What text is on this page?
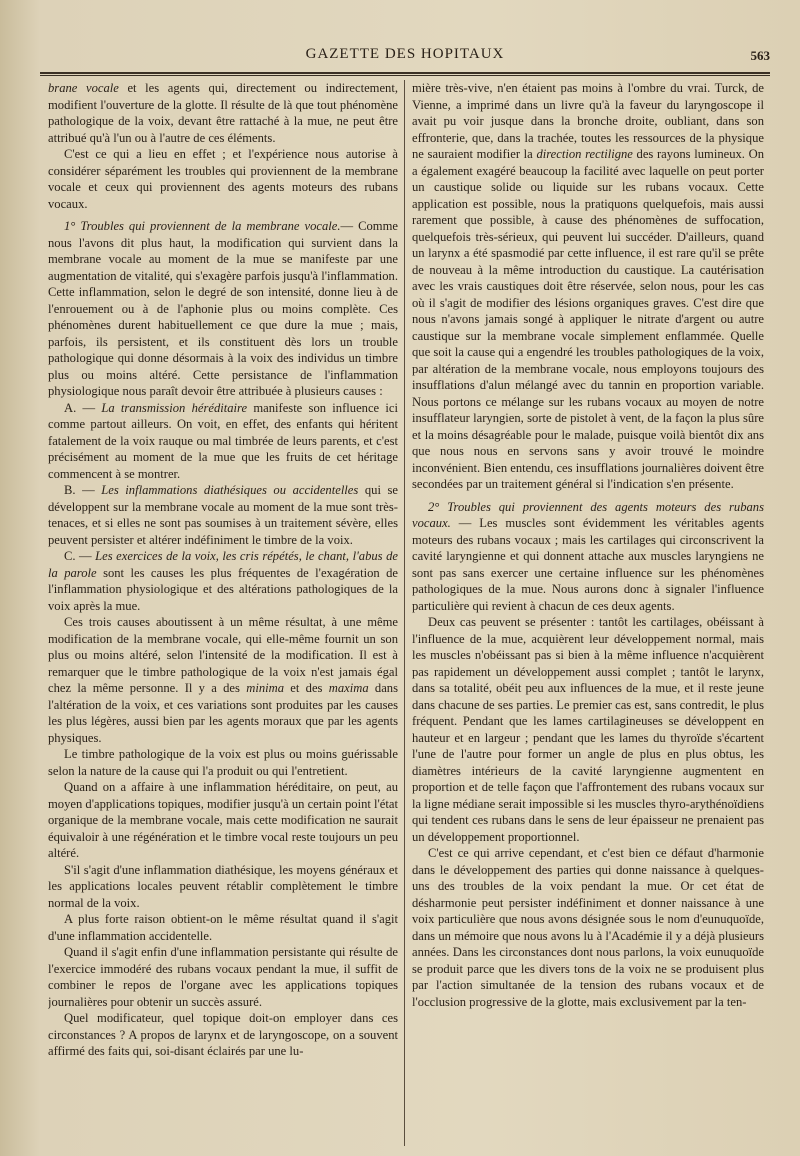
GAZETTE DES HOPITAUX	563

brane vocale et les agents qui, directement ou indirectement, modifient l'ouverture de la glotte. Il résulte de là que tout phénomène pathologique de la voix, devant être rattaché à la mue, ne peut être attribué qu'à l'un ou à l'autre de ces éléments.

C'est ce qui a lieu en effet ; et l'expérience nous autorise à considérer séparément les troubles qui proviennent de la membrane vocale et ceux qui proviennent des agents moteurs des rubans vocaux.

1° Troubles qui proviennent de la membrane vocale.— Comme nous l'avons dit plus haut, la modification qui survient dans la membrane vocale au moment de la mue se manifeste par une augmentation de vitalité, qui s'exagère parfois jusqu'à l'inflammation. Cette inflammation, selon le degré de son intensité, donne lieu à de l'enrouement ou à de l'aphonie plus ou moins complète. Ces phénomènes durent habituellement ce que dure la mue ; mais, parfois, ils persistent, et ils constituent dès lors un trouble pathologique qui donne désormais à la voix des individus un timbre plus ou moins altéré. Cette persistance de l'inflammation physiologique nous paraît devoir être attribuée à plusieurs causes :

A. — La transmission héréditaire manifeste son influence ici comme partout ailleurs. On voit, en effet, des enfants qui héritent fatalement de la voix rauque ou mal timbrée de leurs parents, et c'est précisément au moment de la mue que les fruits de cet héritage commencent à se montrer.

B. — Les inflammations diathésiques ou accidentelles qui se développent sur la membrane vocale au moment de la mue sont très-tenaces, et si elles ne sont pas soumises à un traitement sévère, elles peuvent persister et altérer indéfiniment le timbre de la voix.

C. — Les exercices de la voix, les cris répétés, le chant, l'abus de la parole sont les causes les plus fréquentes de l'exagération de l'inflammation physiologique et des altérations pathologiques de la voix après la mue.

Ces trois causes aboutissent à un même résultat, à une même modification de la membrane vocale, qui elle-même fournit un son plus ou moins altéré, selon l'intensité de la modification. Il est à remarquer que le timbre pathologique de la voix n'est jamais égal chez la même personne. Il y a des minima et des maxima dans l'altération de la voix, et ces variations sont produites par les causes les plus légères, aussi bien par les agents moraux que par les agents physiques.

Le timbre pathologique de la voix est plus ou moins guérissable selon la nature de la cause qui l'a produit ou qui l'entretient.

Quand on a affaire à une inflammation héréditaire, on peut, au moyen d'applications topiques, modifier jusqu'à un certain point l'état organique de la membrane vocale, mais cette modification ne saurait équivaloir à une régénération et le timbre vocal reste toujours un peu altéré.

S'il s'agit d'une inflammation diathésique, les moyens généraux et les applications locales peuvent rétablir complètement le timbre normal de la voix.

A plus forte raison obtient-on le même résultat quand il s'agit d'une inflammation accidentelle.

Quand il s'agit enfin d'une inflammation persistante qui résulte de l'exercice immodéré des rubans vocaux pendant la mue, il suffit de combiner le repos de l'organe avec les applications topiques journalières pour obtenir un succès assuré.

Quel modificateur, quel topique doit-on employer dans ces circonstances ? A propos de larynx et de laryngoscope, on a souvent affirmé des faits qui, soi-disant éclairés par une lu-

mière très-vive, n'en étaient pas moins à l'ombre du vrai. Turck, de Vienne, a imprimé dans un livre qu'à la faveur du laryngoscope il avait pu voir jusque dans la bronche droite, oubliant, dans son effronterie, que, dans la trachée, toutes les ressources de la physique ne sauraient modifier la direction rectiligne des rayons lumineux. On a également exagéré beaucoup la facilité avec laquelle on peut porter un caustique solide ou liquide sur les rubans vocaux. Cette application est possible, nous la pratiquons quelquefois, mais aussi rarement que possible, à cause des phénomènes de suffocation, quelquefois très-sérieux, qui peuvent lui succéder. D'ailleurs, quand un larynx a été spasmodié par cette influence, il est rare qu'il se prête de nouveau à la même introduction du caustique. La cautérisation avec les vrais caustiques doit être réservée, selon nous, pour les cas où il s'agit de modifier des lésions organiques graves. C'est dire que nous n'avons jamais songé à appliquer le nitrate d'argent ou autre caustique sur la membrane vocale simplement enflammée. Quelle que soit la cause qui a engendré les troubles pathologiques de la voix, par altération de la membrane vocale, nous employons toujours des insufflations d'alun mélangé avec du tannin en proportion variable. Nous portons ce mélange sur les rubans vocaux au moyen de notre insufflateur laryngien, sorte de pistolet à vent, de la façon la plus sûre et la moins désagréable pour le malade, puisque voilà bientôt dix ans que nous nous en servons sans y avoir trouvé le moindre inconvénient. Bien entendu, ces insufflations journalières doivent être secondées par un traitement général si l'indication s'en présente.

2° Troubles qui proviennent des agents moteurs des rubans vocaux. — Les muscles sont évidemment les véritables agents moteurs des rubans vocaux ; mais les cartilages qui circonscrivent la cavité laryngienne et qui donnent attache aux muscles laryngiens ne sont pas sans exercer une certaine influence sur les phénomènes pathologiques de la mue. Nous aurons donc à signaler l'influence particulière qui revient à chacun de ces deux agents.

Deux cas peuvent se présenter : tantôt les cartilages, obéissant à l'influence de la mue, acquièrent leur développement normal, mais les muscles n'obéissant pas si bien à la même influence n'acquièrent pas rapidement un développement aussi complet ; tantôt le larynx, dans sa totalité, obéit peu aux influences de la mue, et il reste jeune dans chacune de ses parties. Le premier cas est, sans contredit, le plus fréquent. Pendant que les lames cartilagineuses se développent en hauteur et en largeur ; pendant que les lames du thyroïde s'écartent l'une de l'autre pour former un angle de plus en plus obtus, les diamètres intérieurs de la cavité laryngienne augmentent en proportion et de telle façon que l'affrontement des rubans vocaux sur la ligne médiane serait impossible si les muscles thyro-arythénoïdiens qui tendent ces rubans dans le sens de leur épaisseur ne prenaient pas un développement proportionnel.

C'est ce qui arrive cependant, et c'est bien ce défaut d'harmonie dans le développement des parties qui donne naissance à quelques-uns des troubles de la voix pendant la mue. Or cet état de désharmonie peut persister indéfiniment et donner naissance à une voix particulière que nous avons désignée sous le nom d'eunuquoïde, dans un mémoire que nous avons lu à l'Académie il y a déjà plusieurs années. Dans les circonstances dont nous parlons, la voix eunuquoïde se produit parce que les divers tons de la voix ne se produisent plus par l'action simultanée de la tension des rubans vocaux et de l'occlusion progressive de la glotte, mais exclusivement par la ten-
